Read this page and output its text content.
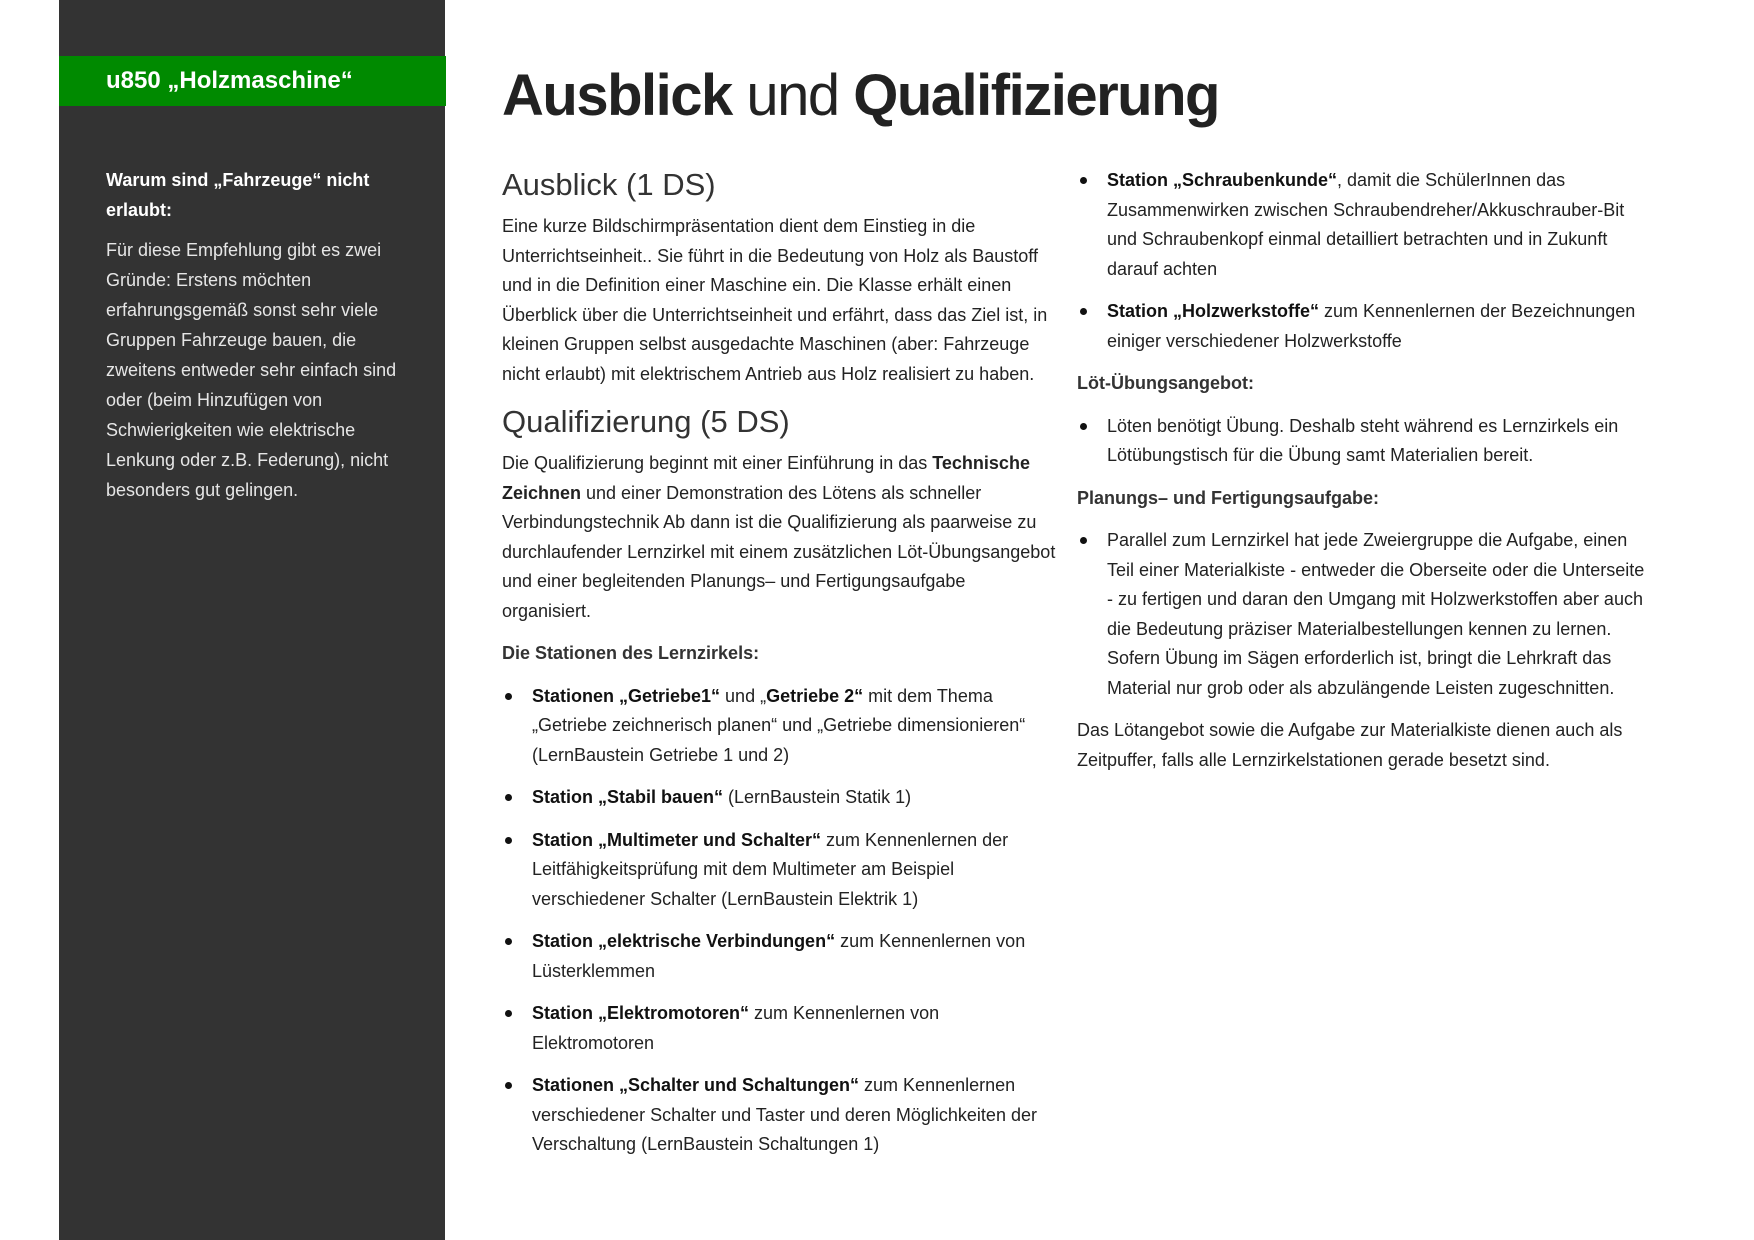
u850 „Holzmaschine“
Warum sind „Fahrzeuge“ nicht erlaubt:

Für diese Empfehlung gibt es zwei Gründe: Erstens möchten erfahrungsgemäß sonst sehr viele Gruppen Fahrzeuge bauen, die zweitens entweder sehr einfach sind oder (beim Hinzufügen von Schwierigkeiten wie elektrische Lenkung oder z.B. Federung), nicht besonders gut gelingen.

Ausblick und Qualifizierung
Ausblick (1 DS)

Eine kurze Bildschirmpräsentation dient dem Einstieg in die Unterrichtseinheit.. Sie führt in die Bedeutung von Holz als Baustoff und in die Definition einer Maschine ein. Die Klasse erhält einen Überblick über die Unterrichtseinheit und erfährt, dass das Ziel ist, in kleinen Gruppen selbst ausgedachte Maschinen (aber: Fahrzeuge nicht erlaubt) mit elektrischem Antrieb aus Holz realisiert zu haben.

Qualifizierung (5 DS)

Die Qualifizierung beginnt mit einer Einführung in das Technische Zeichnen und einer Demonstration des Lötens als schneller Verbindungstechnik Ab dann ist die Qualifizierung als paarweise zu durchlaufender Lernzirkel mit einem zusätzlichen Löt-Übungsangebot und einer begleitenden Planungs– und Fertigungsaufgabe organisiert.

Die Stationen des Lernzirkels:
Stationen „Getriebe1“ und „Getriebe 2“ mit dem Thema „Getriebe zeichnerisch planen“ und „Getriebe dimensionieren“ (LernBaustein Getriebe 1 und 2)
Station „Stabil bauen“ (LernBaustein Statik 1)
Station „Multimeter und Schalter“ zum Kennenlernen der Leitfähigkeitsprüfung mit dem Multimeter am Beispiel verschiedener Schalter (LernBaustein Elektrik 1)
Station „elektrische Verbindungen“ zum Kennenlernen von Lüsterklemmen
Station „Elektromotoren“ zum Kennenlernen von Elektromotoren
Stationen „Schalter und Schaltungen“ zum Kennenlernen verschiedener Schalter und Taster und deren Möglichkeiten der Verschaltung (LernBaustein Schaltungen 1)
Station „Schraubenkunde“, damit die SchülerInnen das Zusammenwirken zwischen Schraubendreher/Akkuschrauber-Bit und Schraubenkopf einmal detailliert betrachten und in Zukunft darauf achten
Station „Holzwerkstoffe“ zum Kennenlernen der Bezeichnungen einiger verschiedener Holzwerkstoffe
Löt-Übungsangebot:
Löten benötigt Übung. Deshalb steht während es Lernzirkels ein Lötübungstisch für die Übung samt Materialien bereit.
Planungs– und Fertigungsaufgabe:
Parallel zum Lernzirkel hat jede Zweiergruppe die Aufgabe, einen Teil einer Materialkiste - entweder die Oberseite oder die Unterseite - zu fertigen und daran den Umgang mit Holzwerkstoffen aber auch die Bedeutung präziser Materialbestellungen kennen zu lernen. Sofern Übung im Sägen erforderlich ist, bringt die Lehrkraft das Material nur grob oder als abzulängende Leisten zugeschnitten.

Das Lötangebot sowie die Aufgabe zur Materialkiste dienen auch als Zeitpuffer, falls alle Lernzirkelstationen gerade besetzt sind.
